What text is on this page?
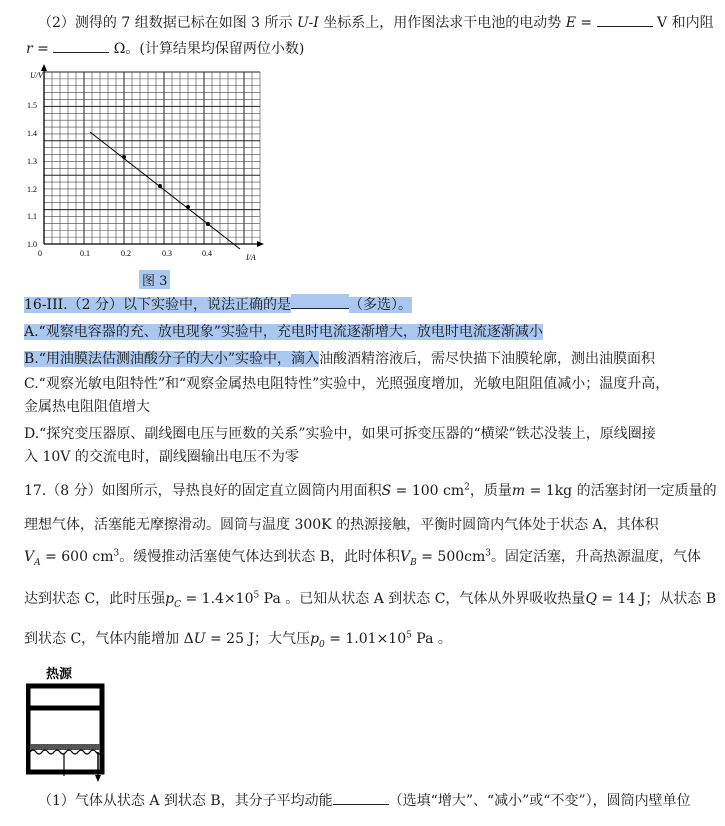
（2）测得的 7 组数据已标在如图 3 所示 U-I 坐标系上，用作图法求干电池的电动势 E =	V 和内阻
r =	Ω。(计算结果均保留两位小数)
U/V
I/A
0
1.5
1.4
1.3
1.2
1.1
1.0
0.1	0.2	0.3	0.4
图 3
16-III.（2 分）以下实验中，说法正确的是	（多选）。
A.“观察电容器的充、放电现象”实验中，充电时电流逐渐增大，放电时电流逐渐减小
B.“用油膜法估测油酸分子的大小”实验中，滴入油酸酒精溶液后，需尽快描下油膜轮廓，测出油膜面积
C.“观察光敏电阻特性”和“观察金属热电阻特性”实验中，光照强度增加，光敏电阻阻值减小；温度升高，
金属热电阻阻值增大
D.“探究变压器原、副线圈电压与匝数的关系”实验中，如果可拆变压器的“横梁”铁芯没装上，原线圈接
入 10V 的交流电时，副线圈输出电压不为零
17.（8 分）如图所示，导热良好的固定直立圆筒内用面积S = 100 $cm^2$，质量m = 1kg 的活塞封闭一定质量的
理想气体，活塞能无摩擦滑动。圆筒与温度 300K 的热源接触，平衡时圆筒内气体处于状态 A，其体积
$V_A = 600$ $cm^3$。缓慢推动活塞使气体达到状态 B，此时体积$V_B = 500cm^3$。固定活塞，升高热源温度，气体
达到状态 C，此时压强$p_C = 1.4\times 10^5$ Pa 。已知从状态 A 到状态 C，气体从外界吸收热量Q = 14 J；从状态 B
到状态 C，气体内能增加 ΔU = 25 J；大气压$p_0 = 1.01\times 10^5$ Pa 。
热源
（1）气体从状态 A 到状态 B，其分子平均动能	（选填“增大”、“减小”或“不变”），圆筒内壁单位
